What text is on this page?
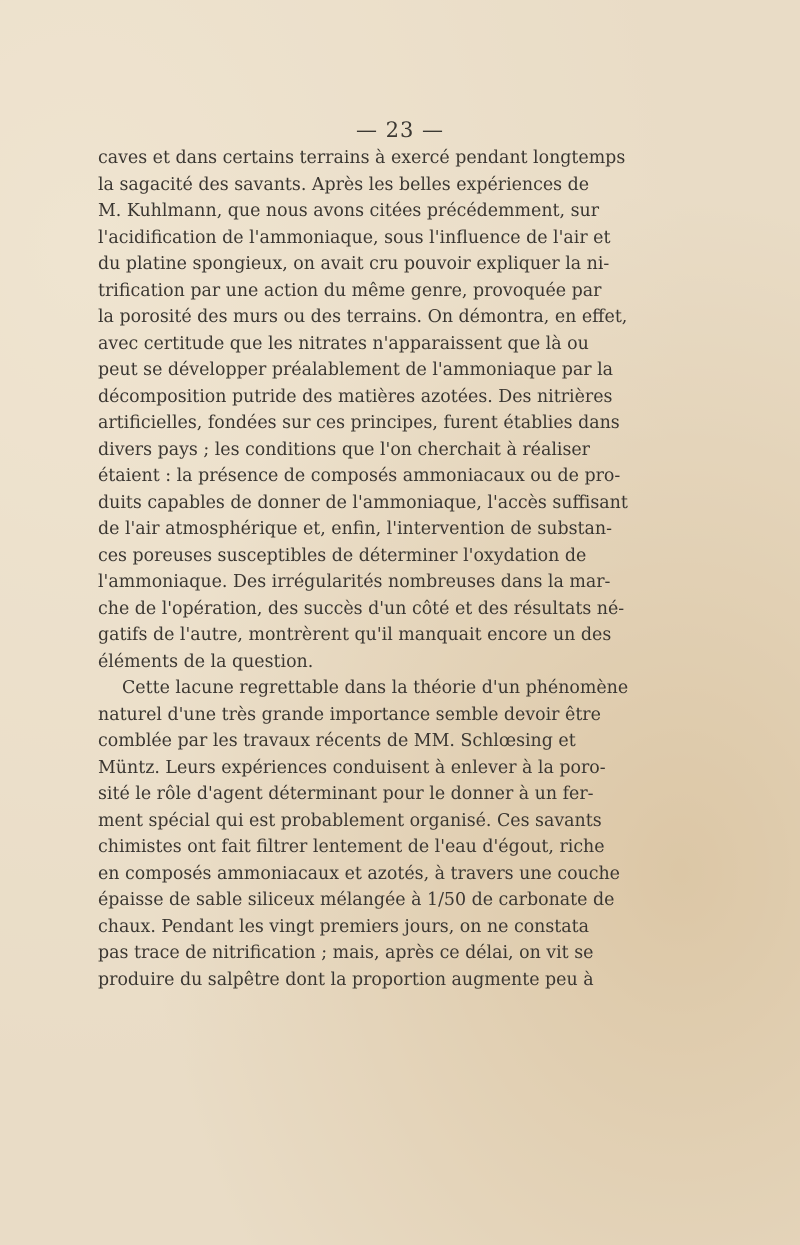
— 23 —
caves et dans certains terrains à exercé pendant longtemps
la sagacité des savants. Après les belles expériences de
M. Kuhlmann, que nous avons citées précédemment, sur
l'acidification de l'ammoniaque, sous l'influence de l'air et
du platine spongieux, on avait cru pouvoir expliquer la ni-
trification par une action du même genre, provoquée par
la porosité des murs ou des terrains. On démontra, en effet,
avec certitude que les nitrates n'apparaissent que là ou
peut se développer préalablement de l'ammoniaque par la
décomposition putride des matières azotées. Des nitrières
artificielles, fondées sur ces principes, furent établies dans
divers pays ; les conditions que l'on cherchait à réaliser
étaient : la présence de composés ammoniacaux ou de pro-
duits capables de donner de l'ammoniaque, l'accès suffisant
de l'air atmosphérique et, enfin, l'intervention de substan-
ces poreuses susceptibles de déterminer l'oxydation de
l'ammoniaque. Des irrégularités nombreuses dans la mar-
che de l'opération, des succès d'un côté et des résultats né-
gatifs de l'autre, montrèrent qu'il manquait encore un des
éléments de la question.
Cette lacune regrettable dans la théorie d'un phénomène
naturel d'une très grande importance semble devoir être
comblée par les travaux récents de MM. Schlœsing et
Müntz. Leurs expériences conduisent à enlever à la poro-
sité le rôle d'agent déterminant pour le donner à un fer-
ment spécial qui est probablement organisé. Ces savants
chimistes ont fait filtrer lentement de l'eau d'égout, riche
en composés ammoniacaux et azotés, à travers une couche
épaisse de sable siliceux mélangée à 1/50 de carbonate de
chaux. Pendant les vingt premiers jours, on ne constata
pas trace de nitrification ; mais, après ce délai, on vit se
produire du salpêtre dont la proportion augmente peu à
